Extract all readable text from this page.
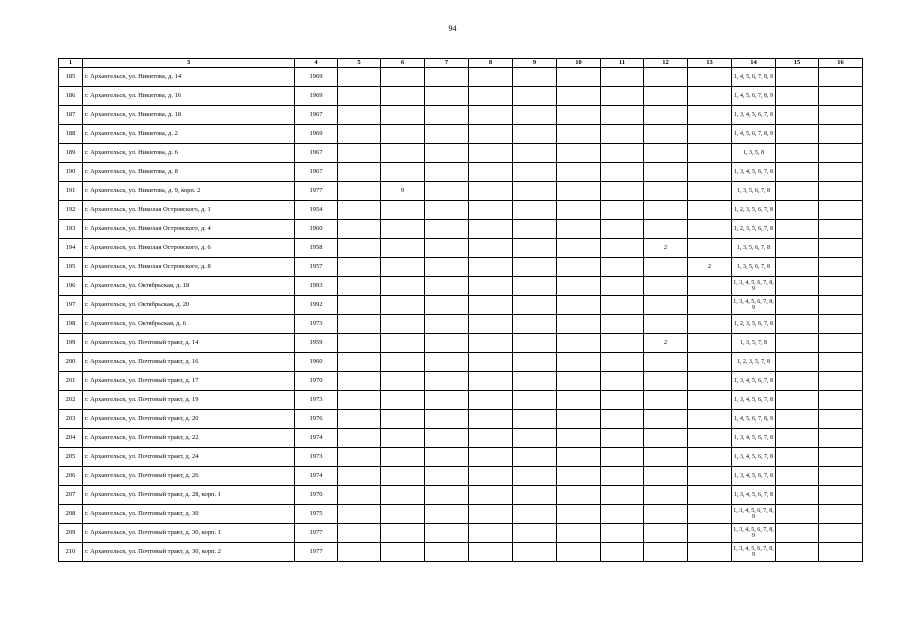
94
1	3	4	5	6	7	8	9	10	11	12	13	14	15	16
185	г. Архангельск, ул. Никитова, д. 14	1969										1, 4, 5, 6, 7, 8, 9		
186	г. Архангельск, ул. Никитова, д. 16	1969										1, 4, 5, 6, 7, 8, 9		
187	г. Архангельск, ул. Никитова, д. 18	1967										1, 3, 4, 5, 6, 7, 8		
188	г. Архангельск, ул. Никитова, д. 2	1969										1, 4, 5, 6, 7, 8, 9		
189	г. Архангельск, ул. Никитова, д. 6	1967										1, 3, 5, 8		
190	г. Архангельск, ул. Никитова, д. 8	1967										1, 3, 4, 5, 6, 7, 8		
191	г. Архангельск, ул. Никитова, д. 9, корп. 2	1977		9								1, 3, 5, 6, 7, 8		
192	г. Архангельск, ул. Николая Островского, д. 1	1954										1, 2, 3, 5, 6, 7, 8		
193	г. Архангельск, ул. Николая Островского, д. 4	1960										1, 2, 3, 5, 6, 7, 8		
194	г. Архангельск, ул. Николая Островского, д. 6	1958								2		1, 3, 5, 6, 7, 8		
195	г. Архангельск, ул. Николая Островского, д. 8	1957									2	1, 3, 5, 6, 7, 8		
196	г. Архангельск, ул. Октябрьская, д. 18	1993										1, 3, 4, 5, 6, 7, 8, 9		
197	г. Архангельск, ул. Октябрьская, д. 20	1992										1, 3, 4, 5, 6, 7, 8, 9		
198	г. Архангельск, ул. Октябрьская, д. 6	1973										1, 2, 3, 5, 6, 7, 8		
199	г. Архангельск, ул. Почтовый тракт, д. 14	1959								2		1, 3, 5, 7, 8		
200	г. Архангельск, ул. Почтовый тракт, д. 16	1960										1, 2, 3, 5, 7, 8		
201	г. Архангельск, ул. Почтовый тракт, д. 17	1970										1, 3, 4, 5, 6, 7, 8		
202	г. Архангельск, ул. Почтовый тракт, д. 19	1973										1, 3, 4, 5, 6, 7, 8		
203	г. Архангельск, ул. Почтовый тракт, д. 20	1976										1, 4, 5, 6, 7, 8, 9		
204	г. Архангельск, ул. Почтовый тракт, д. 22	1974										1, 3, 4, 5, 6, 7, 8		
205	г. Архангельск, ул. Почтовый тракт, д. 24	1973										1, 3, 4, 5, 6, 7, 8		
206	г. Архангельск, ул. Почтовый тракт, д. 26	1974										1, 3, 4, 5, 6, 7, 8		
207	г. Архангельск, ул. Почтовый тракт, д. 28, корп. 1	1970										1, 3, 4, 5, 6, 7, 8		
208	г. Архангельск, ул. Почтовый тракт, д. 30	1975										1, 3, 4, 5, 6, 7, 8, 9		
209	г. Архангельск, ул. Почтовый тракт, д. 30, корп. 1	1977										1, 3, 4, 5, 6, 7, 8, 9		
210	г. Архангельск, ул. Почтовый тракт, д. 30, корп. 2	1977										1, 3, 4, 5, 6, 7, 8, 9		
